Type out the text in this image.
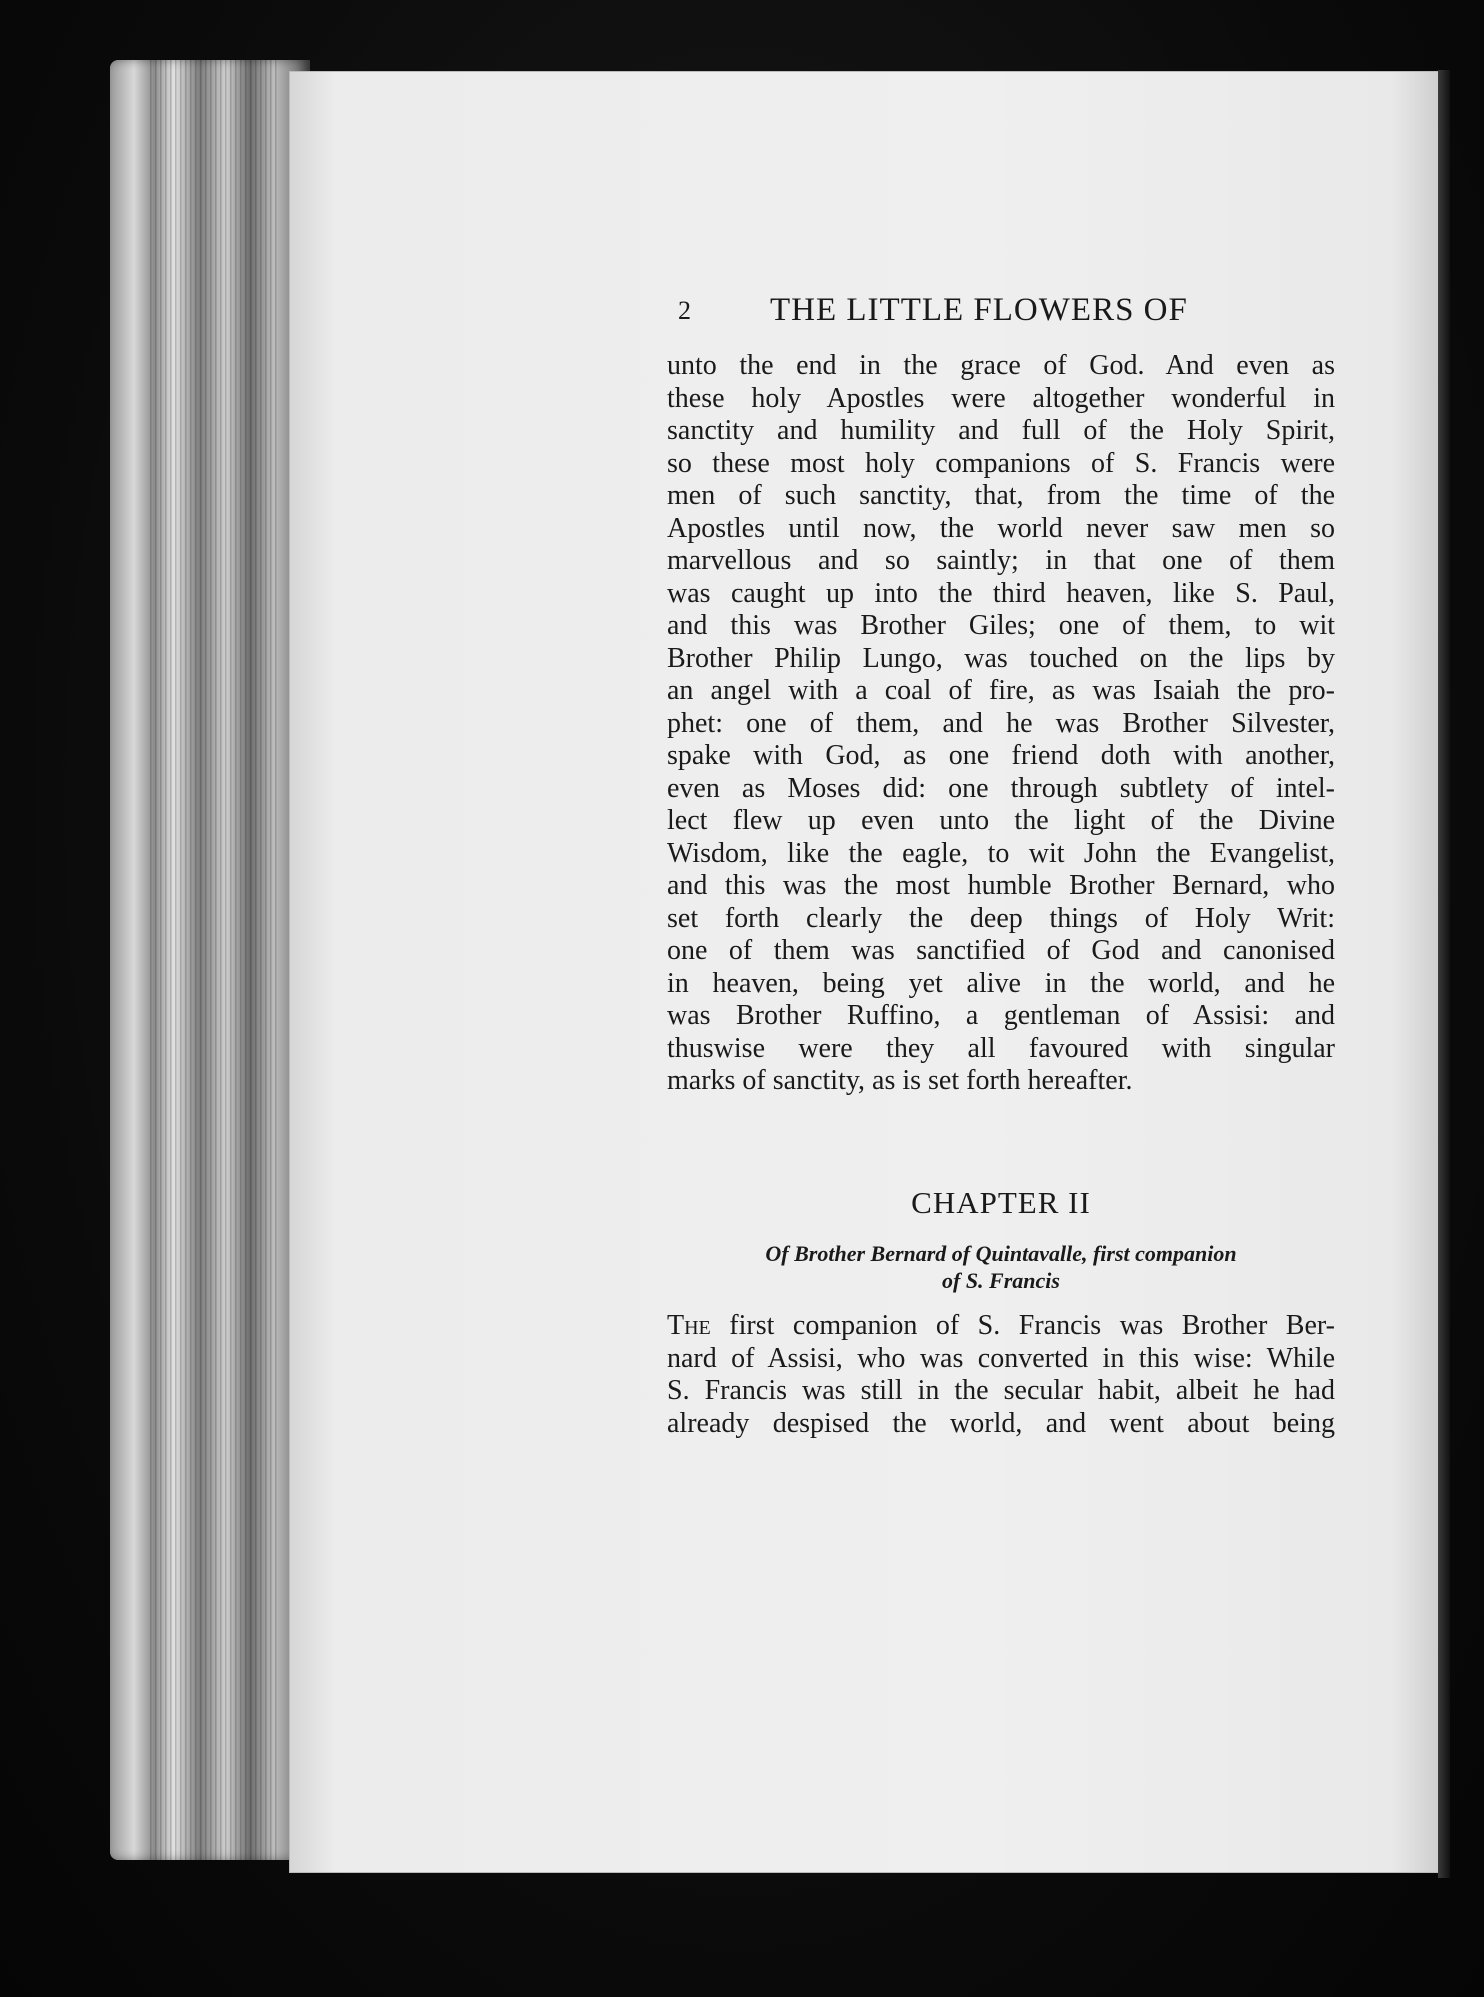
2 THE LITTLE FLOWERS OF
unto the end in the grace of God. And even as
these holy Apostles were altogether wonderful in
sanctity and humility and full of the Holy Spirit,
so these most holy companions of S. Francis were
men of such sanctity, that, from the time of the
Apostles until now, the world never saw men so
marvellous and so saintly; in that one of them
was caught up into the third heaven, like S. Paul,
and this was Brother Giles; one of them, to wit
Brother Philip Lungo, was touched on the lips by
an angel with a coal of fire, as was Isaiah the pro-
phet: one of them, and he was Brother Silvester,
spake with God, as one friend doth with another,
even as Moses did: one through subtlety of intel-
lect flew up even unto the light of the Divine
Wisdom, like the eagle, to wit John the Evangelist,
and this was the most humble Brother Bernard, who
set forth clearly the deep things of Holy Writ:
one of them was sanctified of God and canonised
in heaven, being yet alive in the world, and he
was Brother Ruffino, a gentleman of Assisi: and
thuswise were they all favoured with singular
marks of sanctity, as is set forth hereafter.
CHAPTER II
Of Brother Bernard of Quintavalle, first companion
of S. Francis
The first companion of S. Francis was Brother Ber-
nard of Assisi, who was converted in this wise: While
S. Francis was still in the secular habit, albeit he had
already despised the world, and went about being
